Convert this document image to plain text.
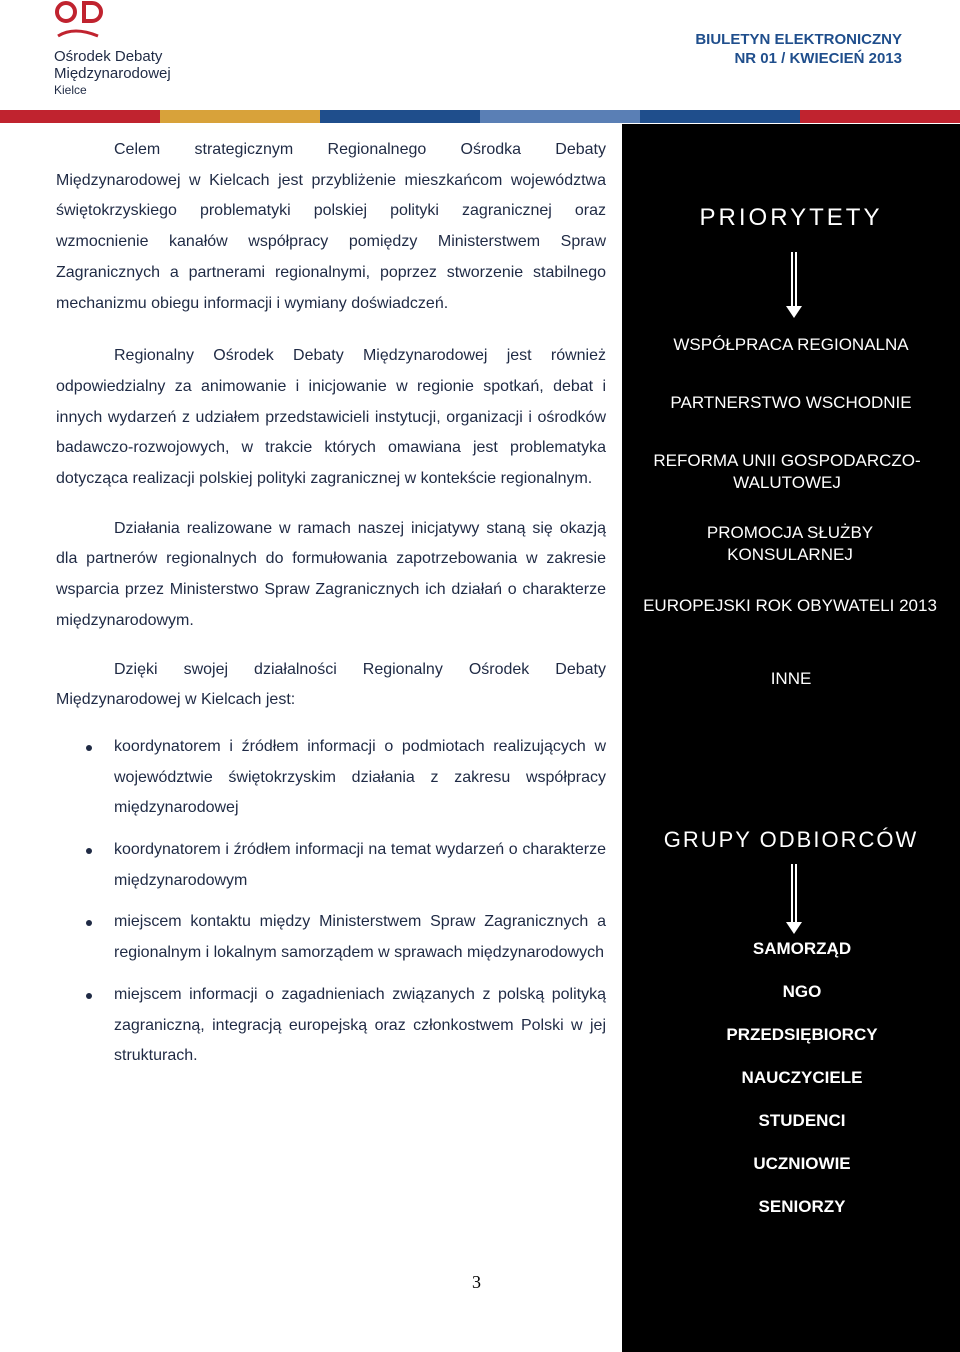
Ośrodek Debaty
Międzynarodowej
Kielce
BIULETYN ELEKTRONICZNY
NR 01 / KWIECIEŃ 2013

Celem strategicznym Regionalnego Ośrodka Debaty Międzynarodowej w Kielcach jest przybliżenie mieszkańcom województwa świętokrzyskiego problematyki polskiej polityki zagranicznej oraz wzmocnienie kanałów współpracy pomiędzy Ministerstwem Spraw Zagranicznych a partnerami regionalnymi, poprzez stworzenie stabilnego mechanizmu obiegu informacji i wymiany doświadczeń.

Regionalny Ośrodek Debaty Międzynarodowej jest również odpowiedzialny za animowanie i inicjowanie w regionie spotkań, debat i innych wydarzeń z udziałem przedstawicieli instytucji, organizacji i ośrodków badawczo-rozwojowych, w trakcie których omawiana jest problematyka dotycząca realizacji polskiej polityki zagranicznej w kontekście regionalnym.

Działania realizowane w ramach naszej inicjatywy staną się okazją dla partnerów regionalnych do formułowania zapotrzebowania w zakresie wsparcia przez Ministerstwo Spraw Zagranicznych ich działań o charakterze międzynarodowym.

Dzięki swojej działalności Regionalny Ośrodek Debaty Międzynarodowej w Kielcach jest:

koordynatorem i źródłem informacji o podmiotach realizujących w województwie świętokrzyskim działania z zakresu współpracy międzynarodowej
koordynatorem i źródłem informacji na temat wydarzeń o charakterze międzynarodowym
miejscem kontaktu między Ministerstwem Spraw Zagranicznych a regionalnym i lokalnym samorządem w sprawach międzynarodowych
miejscem informacji o zagadnieniach związanych z polską polityką zagraniczną, integracją europejską oraz członkostwem Polski w jej strukturach.
PRIORYTETY
WSPÓŁPRACA REGIONALNA
PARTNERSTWO WSCHODNIE
REFORMA UNII GOSPODARCZO-WALUTOWEJ
PROMOCJA SŁUŻBY KONSULARNEJ
EUROPEJSKI ROK OBYWATELI 2013
INNE
GRUPY ODBIORCÓW
SAMORZĄD
NGO
PRZEDSIĘBIORCY
NAUCZYCIELE
STUDENCI
UCZNIOWIE
SENIORZY
3
